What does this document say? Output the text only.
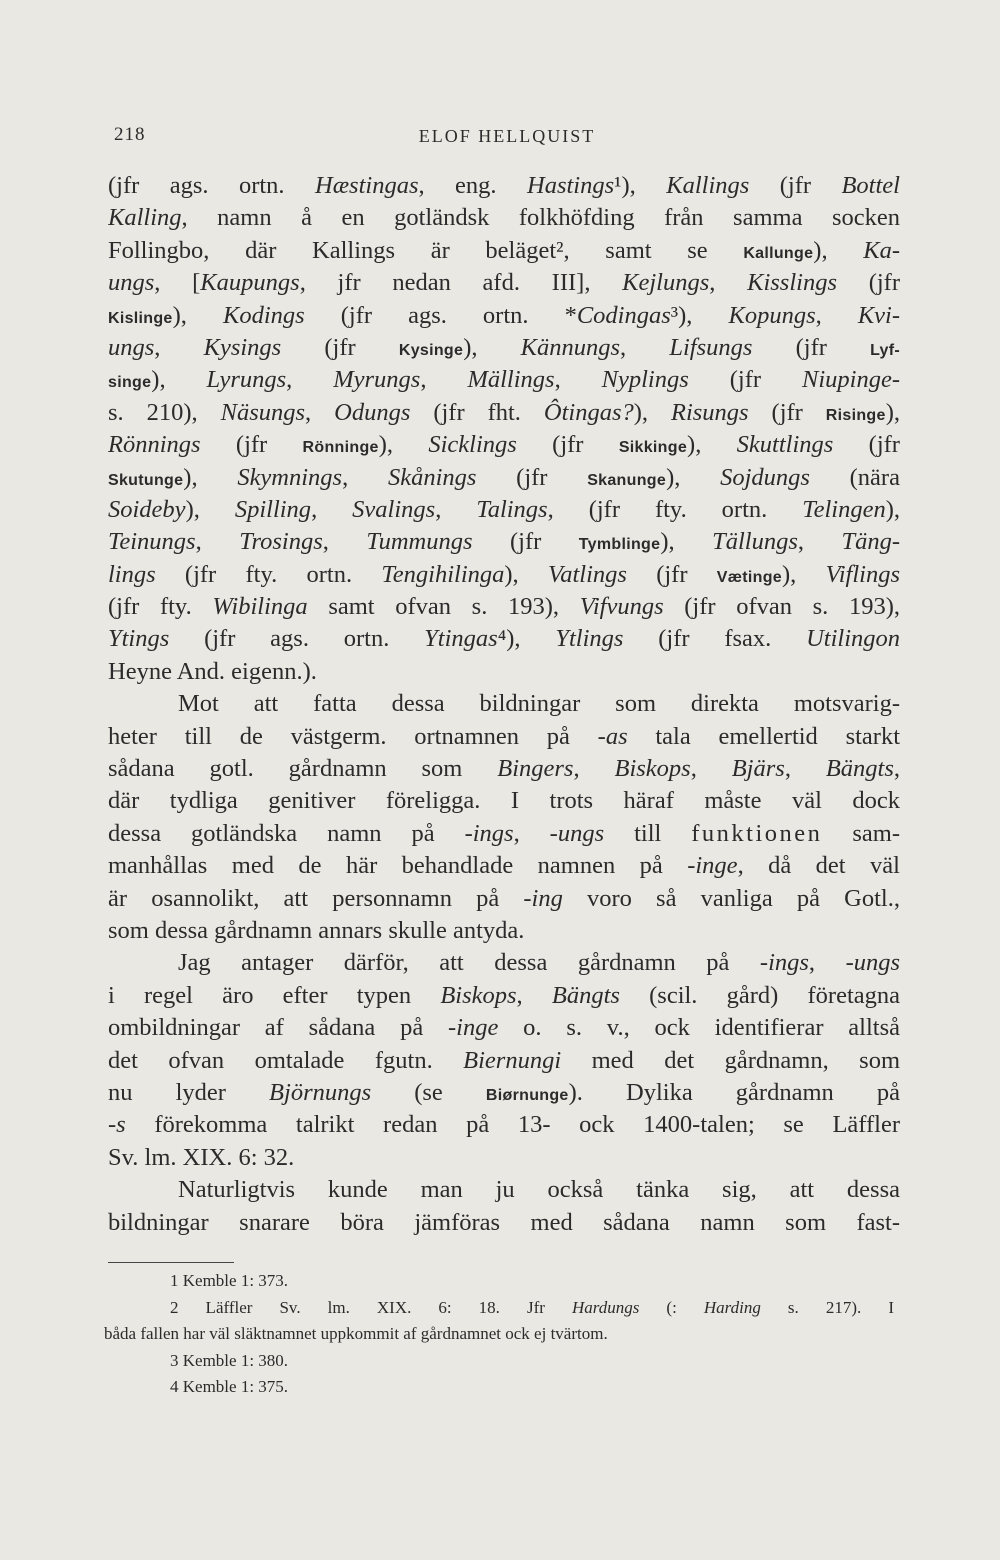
218	ELOF HELLQUIST
(jfr ags. ortn. Hæstingas, eng. Hastings¹), Kallings (jfr Bottel
Kalling, namn å en gotländsk folkhöfding från samma socken
Follingbo, där Kallings är beläget², samt se Kallunge), Ka-
ungs, [Kaupungs, jfr nedan afd. III], Kejlungs, Kisslings (jfr
Kislinge), Kodings (jfr ags. ortn. *Codingas³), Kopungs, Kvi-
ungs, Kysings (jfr Kysinge), Kännungs, Lifsungs (jfr Lyf-
singe), Lyrungs, Myrungs, Mällings, Nyplings (jfr Niupinge-
s. 210), Näsungs, Odungs (jfr fht. Ôtingas?), Risungs (jfr Risinge),
Rönnings (jfr Rönninge), Sicklings (jfr Sikkinge), Skuttlings (jfr
Skutunge), Skymnings, Skånings (jfr Skanunge), Sojdungs (nära
Soideby), Spilling, Svalings, Talings, (jfr fty. ortn. Telingen),
Teinungs, Trosings, Tummungs (jfr Tymblinge), Tällungs, Täng-
lings (jfr fty. ortn. Tengihilinga), Vatlings (jfr Vætinge), Viflings
(jfr fty. Wibilinga samt ofvan s. 193), Vifvungs (jfr ofvan s. 193),
Ytings (jfr ags. ortn. Ytingas⁴), Ytlings (jfr fsax. Utilingon
Heyne And. eigenn.).
Mot att fatta dessa bildningar som direkta motsvarig-
heter till de västgerm. ortnamnen på -as tala emellertid starkt
sådana gotl. gårdnamn som Bingers, Biskops, Bjärs, Bängts,
där tydliga genitiver föreligga. I trots häraf måste väl dock
dessa gotländska namn på -ings, -ungs till funktionen sam-
manhållas med de här behandlade namnen på -inge, då det väl
är osannolikt, att personnamn på -ing voro så vanliga på Gotl.,
som dessa gårdnamn annars skulle antyda.
Jag antager därför, att dessa gårdnamn på -ings, -ungs
i regel äro efter typen Biskops, Bängts (scil. gård) företagna
ombildningar af sådana på -inge o. s. v., ock identifierar alltså
det ofvan omtalade fgutn. Biernungi med det gårdnamn, som
nu lyder Björnungs (se Biørnunge). Dylika gårdnamn på
-s förekomma talrikt redan på 13- ock 1400-talen; se Läffler
Sv. lm. XIX. 6: 32.
Naturligtvis kunde man ju också tänka sig, att dessa
bildningar snarare böra jämföras med sådana namn som fast-
1 Kemble 1: 373.
2 Läffler Sv. lm. XIX. 6: 18. Jfr Hardungs (: Harding s. 217). I
båda fallen har väl släktnamnet uppkommit af gårdnamnet ock ej tvärtom.
3 Kemble 1: 380.
4 Kemble 1: 375.
